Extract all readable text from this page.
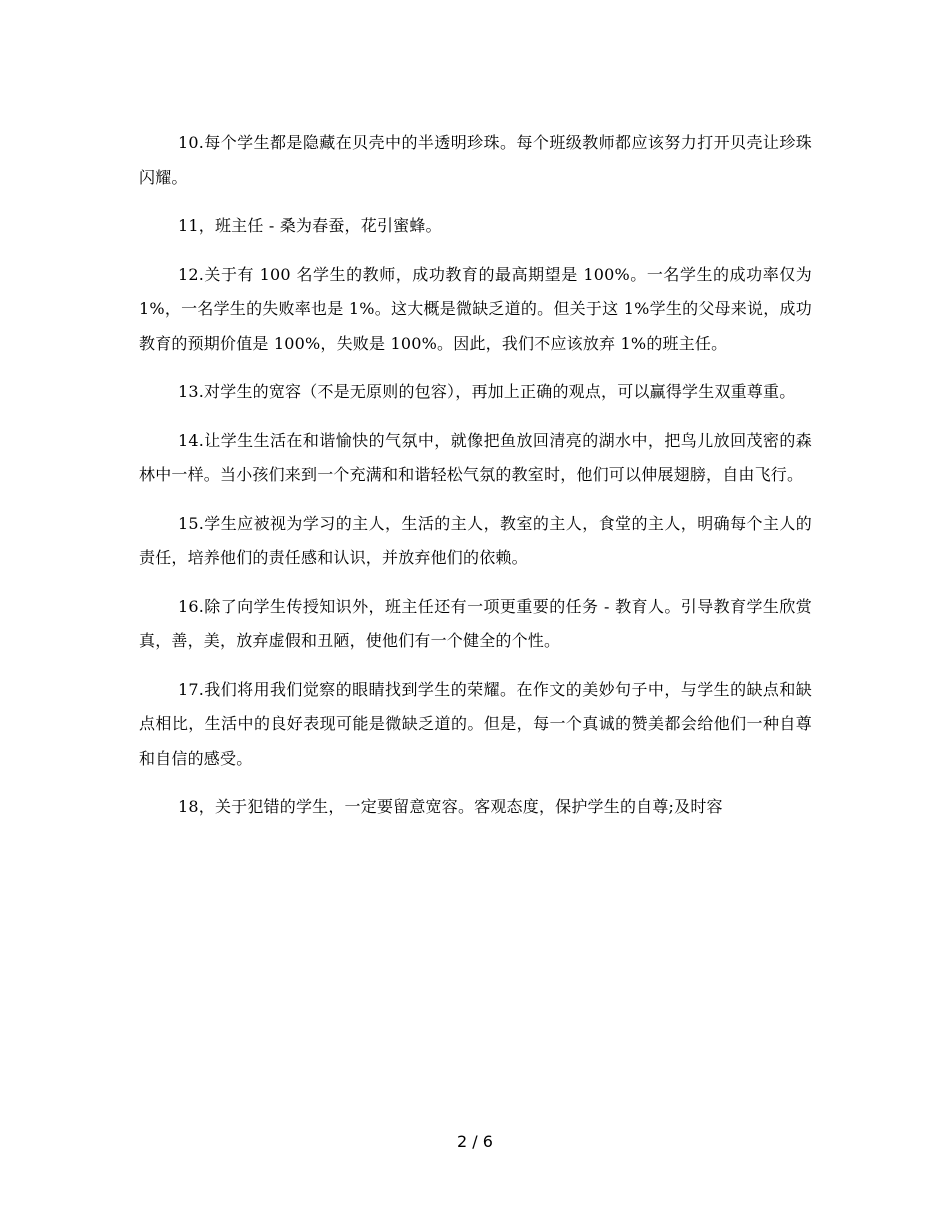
10.每个学生都是隐藏在贝壳中的半透明珍珠。每个班级教师都应该努力打开贝壳让珍珠闪耀。

11，班主任 - 桑为春蚕，花引蜜蜂。

12.关于有 100 名学生的教师，成功教育的最高期望是 100%。一名学生的成功率仅为 1%，一名学生的失败率也是 1%。这大概是微缺乏道的。但关于这 1%学生的父母来说，成功教育的预期价值是 100%，失败是 100%。因此，我们不应该放弃 1%的班主任。

13.对学生的宽容（不是无原则的包容），再加上正确的观点，可以赢得学生双重尊重。

14.让学生生活在和谐愉快的气氛中，就像把鱼放回清亮的湖水中，把鸟儿放回茂密的森林中一样。当小孩们来到一个充满和和谐轻松气氛的教室时，他们可以伸展翅膀，自由飞行。

15.学生应被视为学习的主人，生活的主人，教室的主人，食堂的主人，明确每个主人的责任，培养他们的责任感和认识，并放弃他们的依赖。

16.除了向学生传授知识外，班主任还有一项更重要的任务 - 教育人。引导教育学生欣赏真，善，美，放弃虚假和丑陋，使他们有一个健全的个性。

17.我们将用我们觉察的眼睛找到学生的荣耀。在作文的美妙句子中，与学生的缺点和缺点相比，生活中的良好表现可能是微缺乏道的。但是，每一个真诚的赞美都会给他们一种自尊和自信的感受。

18，关于犯错的学生，一定要留意宽容。客观态度，保护学生的自尊;及时容

2 / 6
